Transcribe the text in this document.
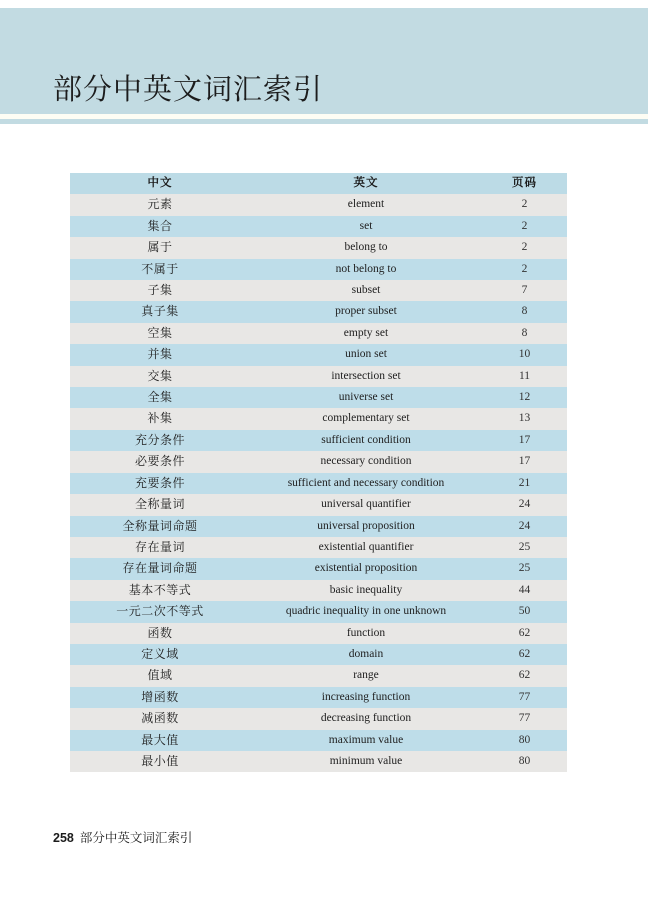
部分中英文词汇索引
中文	英文	页码
元素	element	2
集合	set	2
属于	belong to	2
不属于	not belong to	2
子集	subset	7
真子集	proper subset	8
空集	empty set	8
并集	union set	10
交集	intersection set	11
全集	universe set	12
补集	complementary set	13
充分条件	sufficient condition	17
必要条件	necessary condition	17
充要条件	sufficient and necessary condition	21
全称量词	universal quantifier	24
全称量词命题	universal proposition	24
存在量词	existential quantifier	25
存在量词命题	existential proposition	25
基本不等式	basic inequality	44
一元二次不等式	quadric inequality in one unknown	50
函数	function	62
定义域	domain	62
值域	range	62
增函数	increasing function	77
减函数	decreasing function	77
最大值	maximum value	80
最小值	minimum value	80
258 部分中英文词汇索引
